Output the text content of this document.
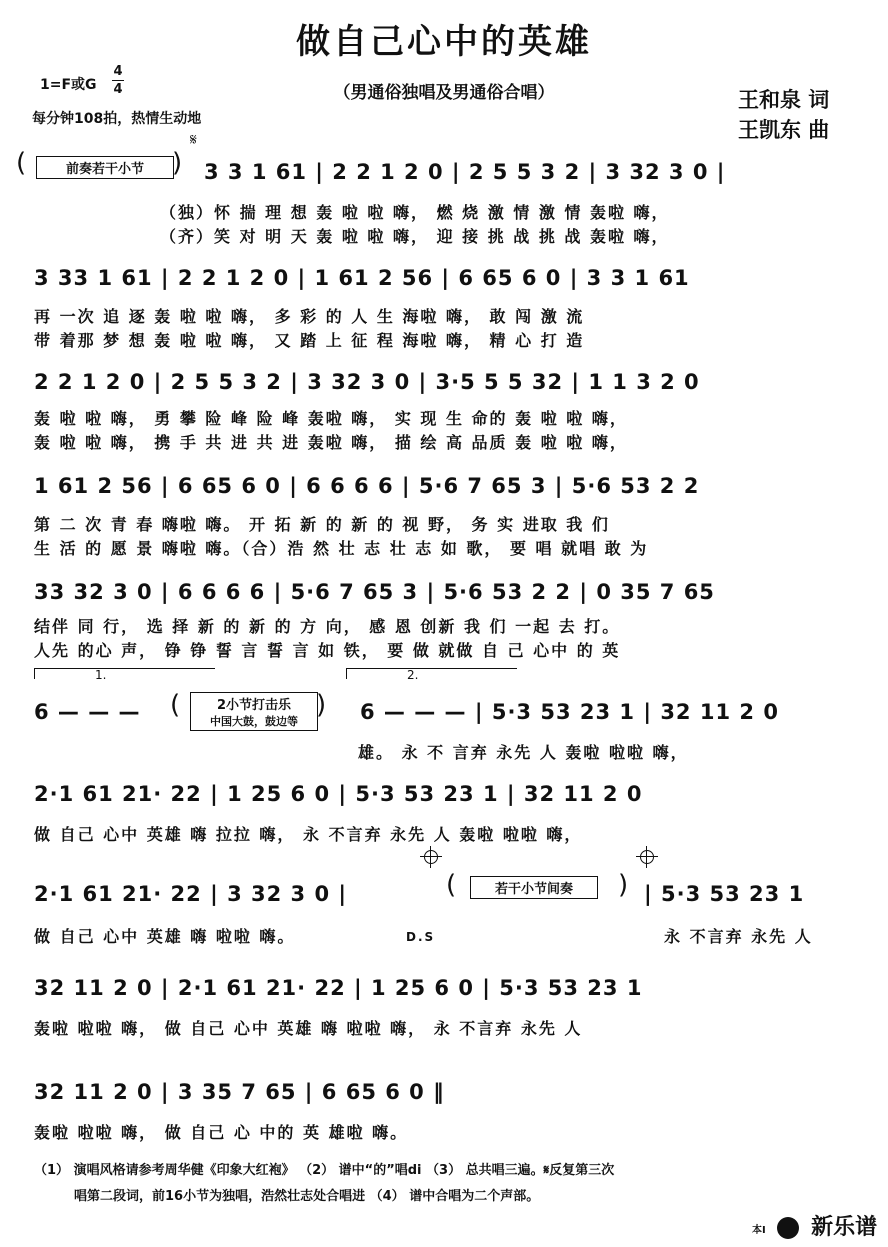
做自己心中的英雄
（男通俗独唱及男通俗合唱）
1=F或G
4
4
每分钟108拍，热情生动地
王和泉 词
王凯东 曲
𝄋
(	前奏若干小节	) 3 3 1 61 | 2 2 1 2 0 | 2 5 5 3 2 | 3 32 3 0 |
（独）怀 揣 理 想 轰 啦 啦 嗨， 燃 烧 激 情 激 情 轰啦 嗨，
（齐）笑 对 明 天 轰 啦 啦 嗨， 迎 接 挑 战 挑 战 轰啦 嗨，
3 33 1 61 | 2 2 1 2 0 | 1 61 2 56 | 6 65 6 0 | 3 3 1 61
再 一次 追 逐 轰 啦 啦 嗨， 多 彩 的 人 生 海啦 嗨， 敢 闯 激 流
带 着那 梦 想 轰 啦 啦 嗨， 又 踏 上 征 程 海啦 嗨， 精 心 打 造
2 2 1 2 0 | 2 5 5 3 2 | 3 32 3 0 | 3·5 5 5 32 | 1 1 3 2 0
轰 啦 啦 嗨， 勇 攀 险 峰 险 峰 轰啦 嗨， 实 现 生 命的 轰 啦 啦 嗨，
轰 啦 啦 嗨， 携 手 共 进 共 进 轰啦 嗨， 描 绘 高 品质 轰 啦 啦 嗨，
1 61 2 56 | 6 65 6 0 | 6 6 6 6 | 5·6 7 65 3 | 5·6 53 2 2
第 二 次 青 春 嗨啦 嗨。 开 拓 新 的 新 的 视 野， 务 实 进取 我 们
生 活 的 愿 景 嗨啦 嗨。（合）浩 然 壮 志 壮 志 如 歌， 要 唱 就唱 敢 为
33 32 3 0 | 6 6 6 6 | 5·6 7 65 3 | 5·6 53 2 2 | 0 35 7 65
结伴 同 行， 选 择 新 的 新 的 方 向， 感 恩 创新 我 们 一起 去 打。
人先 的心 声， 铮 铮 誓 言 誓 言 如 铁， 要 做 就做 自 己 心中 的 英
1.	2.
6 — — —	6 — — — | 5·3 53 23 1 | 32 11 2 0
(	2小节打击乐
中国大鼓，鼓边等
)
雄。 永 不 言弃 永先 人 轰啦 啦啦 嗨，
2·1 61 21· 22 | 1 25 6 0 | 5·3 53 23 1 | 32 11 2 0
做 自己 心中 英雄 嗨 拉拉 嗨， 永 不言弃 永先 人 轰啦 啦啦 嗨，
2·1 61 21· 22 | 3 32 3 0 |	| 5·3 53 23 1
(	若干小节间奏	)
做 自己 心中 英雄 嗨 啦啦 嗨。	D.S	永 不言弃 永先 人
32 11 2 0 | 2·1 61 21· 22 | 1 25 6 0 | 5·3 53 23 1
轰啦 啦啦 嗨， 做 自己 心中 英雄 嗨 啦啦 嗨， 永 不言弃 永先 人
32 11 2 0 | 3 35 7 65 | 6 65 6 0 ‖
轰啦 啦啦 嗨， 做 自己 心 中的 英 雄啦 嗨。
（1） 演唱风格请参考周华健《印象大红袍》 （2） 谱中“的”唱di （3） 总共唱三遍。𝄋反复第三次
唱第二段词，前16小节为独唱，浩然壮志处合唱进 （4） 谱中合唱为二个声部。
本I 新乐谱
